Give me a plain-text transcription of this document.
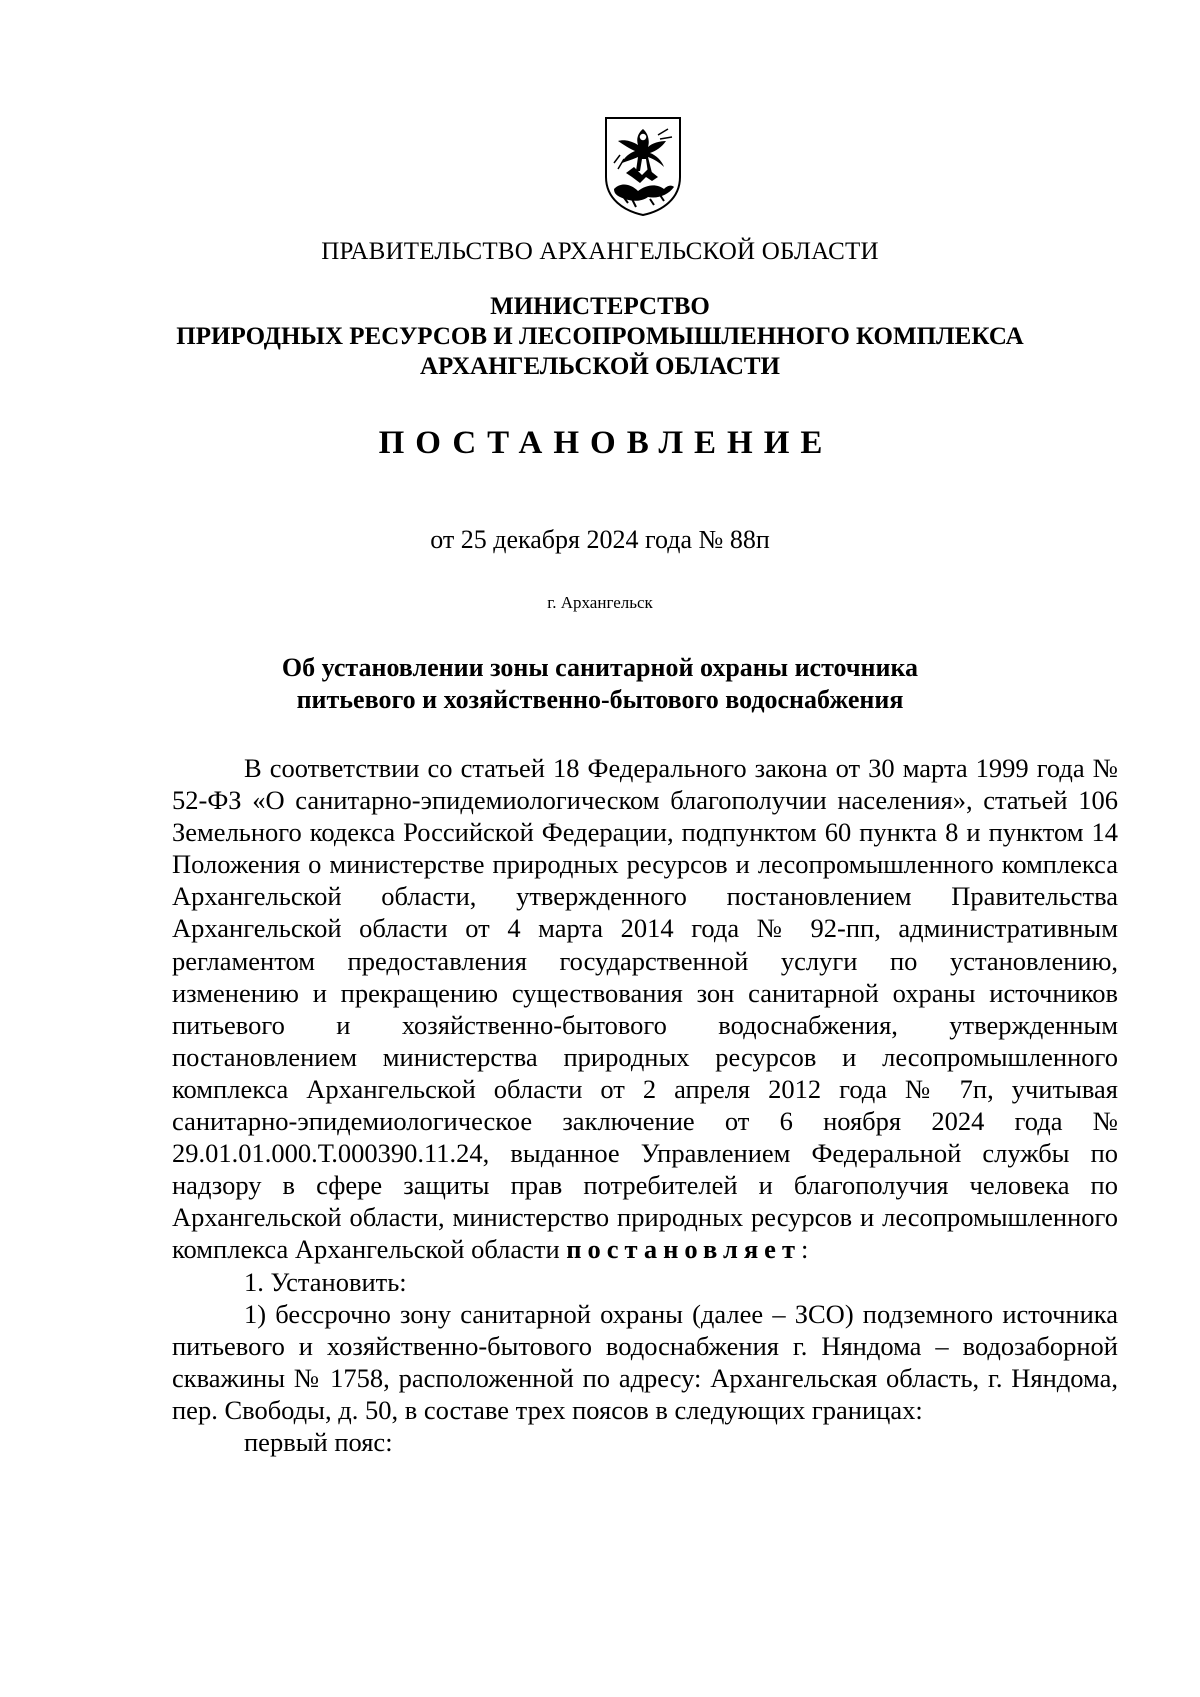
ПРАВИТЕЛЬСТВО АРХАНГЕЛЬСКОЙ ОБЛАСТИ
МИНИСТЕРСТВО
ПРИРОДНЫХ РЕСУРСОВ И ЛЕСОПРОМЫШЛЕННОГО КОМПЛЕКСА
АРХАНГЕЛЬСКОЙ ОБЛАСТИ
ПОСТАНОВЛЕНИЕ
от 25 декабря 2024 года № 88п
г. Архангельск
Об установлении зоны санитарной охраны источника
питьевого и хозяйственно-бытового водоснабжения

В соответствии со статьей 18 Федерального закона от 30 марта 1999 года № 52-ФЗ «О санитарно-эпидемиологическом благополучии населения», статьей 106 Земельного кодекса Российской Федерации, подпунктом 60 пункта 8 и пунктом 14 Положения о министерстве природных ресурсов и лесопромышленного комплекса Архангельской области, утвержденного постановлением Правительства Архангельской области от 4 марта 2014 года № 92-пп, административным регламентом предоставления государственной услуги по установлению, изменению и прекращению существования зон санитарной охраны источников питьевого и хозяйственно-бытового водоснабжения, утвержденным постановлением министерства природных ресурсов и лесопромышленного комплекса Архангельской области от 2 апреля 2012 года № 7п, учитывая санитарно-эпидемиологическое заключение от 6 ноября 2024 года № 29.01.01.000.Т.000390.11.24, выданное Управлением Федеральной службы по надзору в сфере защиты прав потребителей и благополучия человека по Архангельской области, министерство природных ресурсов и лесопромышленного комплекса Архангельской области постановляет:

1. Установить:

1) бессрочно зону санитарной охраны (далее – ЗСО) подземного источника питьевого и хозяйственно-бытового водоснабжения г. Няндома – водозаборной скважины № 1758, расположенной по адресу: Архангельская область, г. Няндома, пер. Свободы, д. 50, в составе трех поясов в следующих границах:

первый пояс:
